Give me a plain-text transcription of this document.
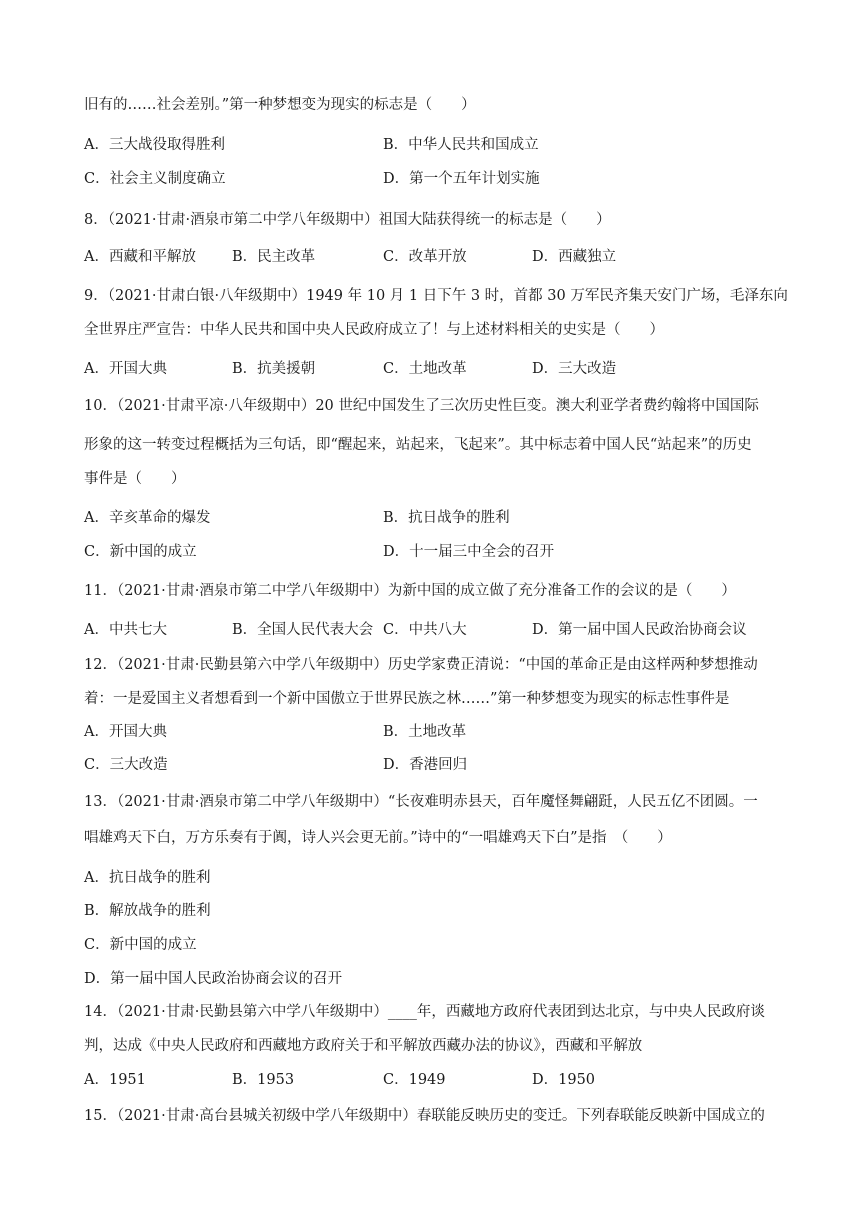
旧有的……社会差别。”第一种梦想变为现实的标志是（　　）
A．三大战役取得胜利	B．中华人民共和国成立
C．社会主义制度确立	D．第一个五年计划实施
8．（2021·甘肃·酒泉市第二中学八年级期中）祖国大陆获得统一的标志是（　　）
A．西藏和平解放 B．民主改革	C．改革开放	D．西藏独立
9．（2021·甘肃白银·八年级期中）1949 年 10 月 1 日下午 3 时，首都 30 万军民齐集天安门广场，毛泽东向
全世界庄严宣告：中华人民共和国中央人民政府成立了！与上述材料相关的史实是（　　）
A．开国大典	B．抗美援朝	C．土地改革	D．三大改造
10．（2021·甘肃平凉·八年级期中）20 世纪中国发生了三次历史性巨变。澳大利亚学者费约翰将中国国际
形象的这一转变过程概括为三句话，即“醒起来，站起来，飞起来”。其中标志着中国人民“站起来”的历史
事件是（　　）
A．辛亥革命的爆发	B．抗日战争的胜利
C．新中国的成立	D．十一届三中全会的召开
11．（2021·甘肃·酒泉市第二中学八年级期中）为新中国的成立做了充分准备工作的会议的是（　　）
A．中共七大	B．全国人民代表大会 C．中共八大	D．第一届中国人民政治协商会议
12．（2021·甘肃·民勤县第六中学八年级期中）历史学家费正清说：“中国的革命正是由这样两种梦想推动
着：一是爱国主义者想看到一个新中国傲立于世界民族之林……”第一种梦想变为现实的标志性事件是
A．开国大典	B．土地改革
C．三大改造	D．香港回归
13．（2021·甘肃·酒泉市第二中学八年级期中）“长夜难明赤县天，百年魔怪舞翩跹，人民五亿不团圆。一
唱雄鸡天下白，万方乐奏有于阗，诗人兴会更无前。”诗中的“一唱雄鸡天下白”是指　（　　）
A．抗日战争的胜利
B．解放战争的胜利
C．新中国的成立
D．第一届中国人民政治协商会议的召开
14．（2021·甘肃·民勤县第六中学八年级期中）____年，西藏地方政府代表团到达北京，与中央人民政府谈
判，达成《中央人民政府和西藏地方政府关于和平解放西藏办法的协议》，西藏和平解放
A．1951	B．1953	C．1949	D．1950
15．（2021·甘肃·高台县城关初级中学八年级期中）春联能反映历史的变迁。下列春联能反映新中国成立的
